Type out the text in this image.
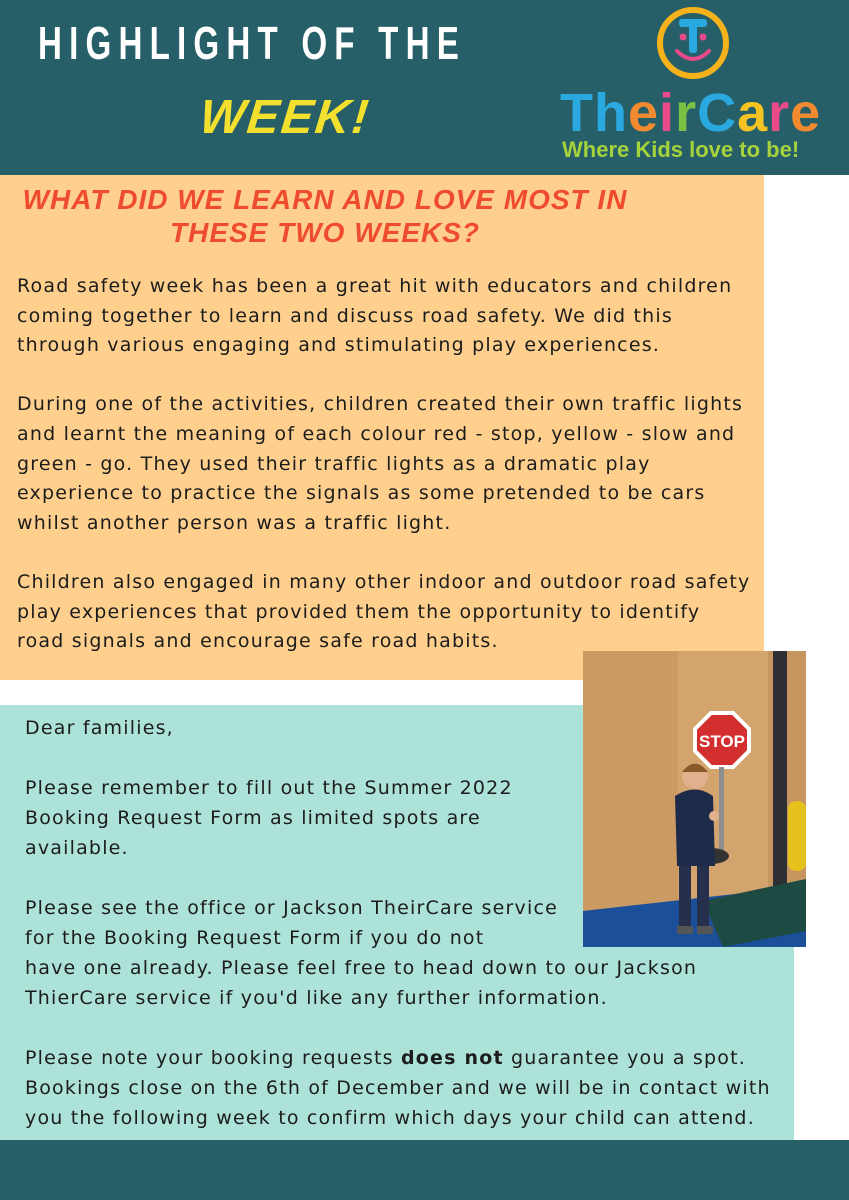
HIGHLIGHT OF THE
WEEK!	TheirCare
Where Kids love to be!
WHAT DID WE LEARN AND LOVE MOST IN THESE TWO WEEKS?

Road safety week has been a great hit with educators and children coming together to learn and discuss road safety. We did this through various engaging and stimulating play experiences.

During one of the activities, children created their own traffic lights and learnt the meaning of each colour red - stop, yellow - slow and green - go. They used their traffic lights as a dramatic play experience to practice the signals as some pretended to be cars whilst another person was a traffic light.

Children also engaged in many other indoor and outdoor road safety play experiences that provided them the opportunity to identify road signals and encourage safe road habits.

Dear families,

Please remember to fill out the Summer 2022 Booking Request Form as limited spots are available.

Please see the office or Jackson TheirCare service for the Booking Request Form if you do not
have one already. Please feel free to head down to our Jackson ThierCare service if you'd like any further information.

Please note your booking requests does not guarantee you a spot. Bookings close on the 6th of December and we will be in contact with you the following week to confirm which days your child can attend.

STOP
